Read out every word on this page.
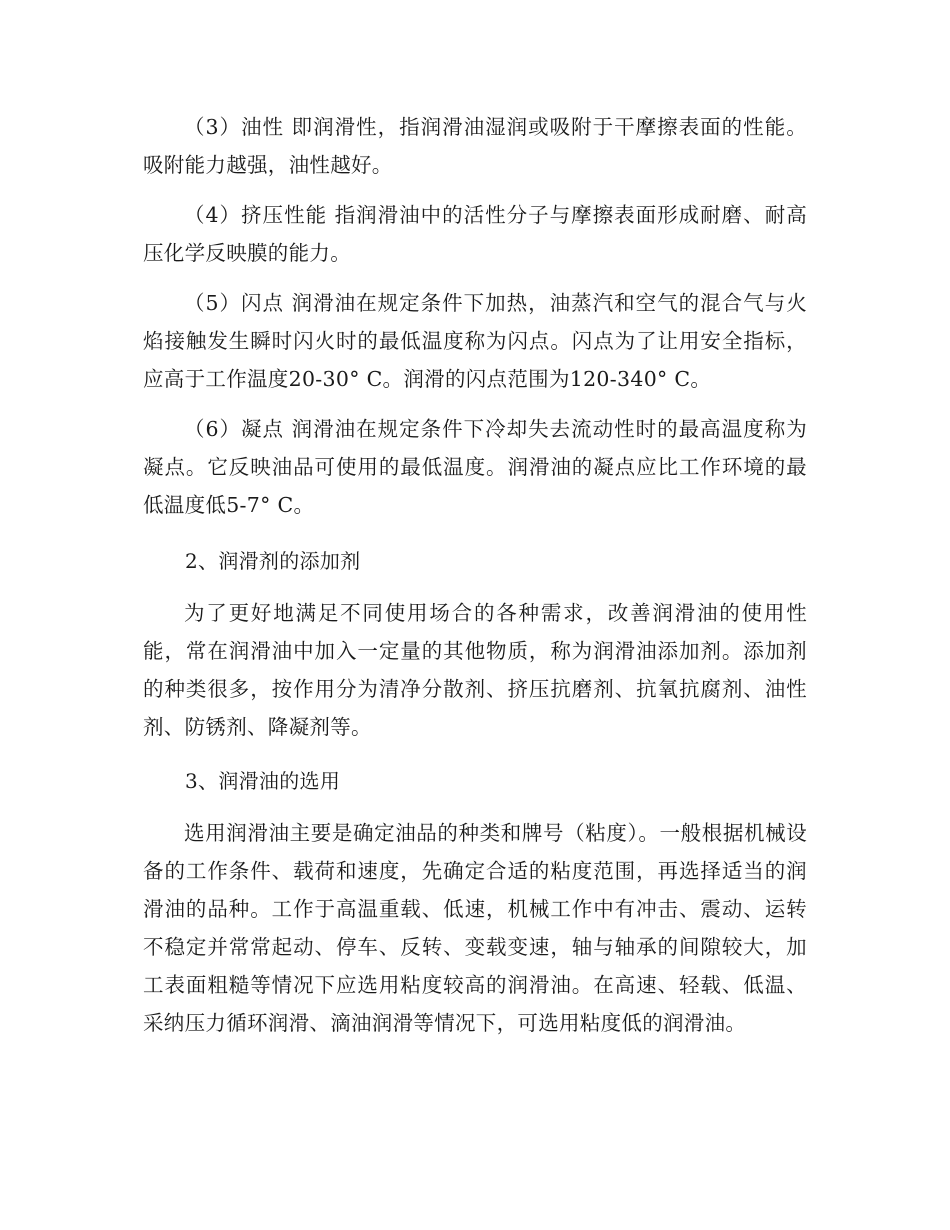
（3）油性 即润滑性，指润滑油湿润或吸附于干摩擦表面的性能。吸附能力越强，油性越好。

（4）挤压性能 指润滑油中的活性分子与摩擦表面形成耐磨、耐高压化学反映膜的能力。

（5）闪点 润滑油在规定条件下加热，油蒸汽和空气的混合气与火焰接触发生瞬时闪火时的最低温度称为闪点。闪点为了让用安全指标，应高于工作温度20-30° C。润滑的闪点范围为120-340° C。

（6）凝点 润滑油在规定条件下冷却失去流动性时的最高温度称为凝点。它反映油品可使用的最低温度。润滑油的凝点应比工作环境的最低温度低5-7° C。

2、润滑剂的添加剂

为了更好地满足不同使用场合的各种需求，改善润滑油的使用性能，常在润滑油中加入一定量的其他物质，称为润滑油添加剂。添加剂的种类很多，按作用分为清净分散剂、挤压抗磨剂、抗氧抗腐剂、油性剂、防锈剂、降凝剂等。

3、润滑油的选用

选用润滑油主要是确定油品的种类和牌号（粘度）。一般根据机械设备的工作条件、载荷和速度，先确定合适的粘度范围，再选择适当的润滑油的品种。工作于高温重载、低速，机械工作中有冲击、震动、运转不稳定并常常起动、停车、反转、变载变速，轴与轴承的间隙较大，加工表面粗糙等情况下应选用粘度较高的润滑油。在高速、轻载、低温、采纳压力循环润滑、滴油润滑等情况下，可选用粘度低的润滑油。
